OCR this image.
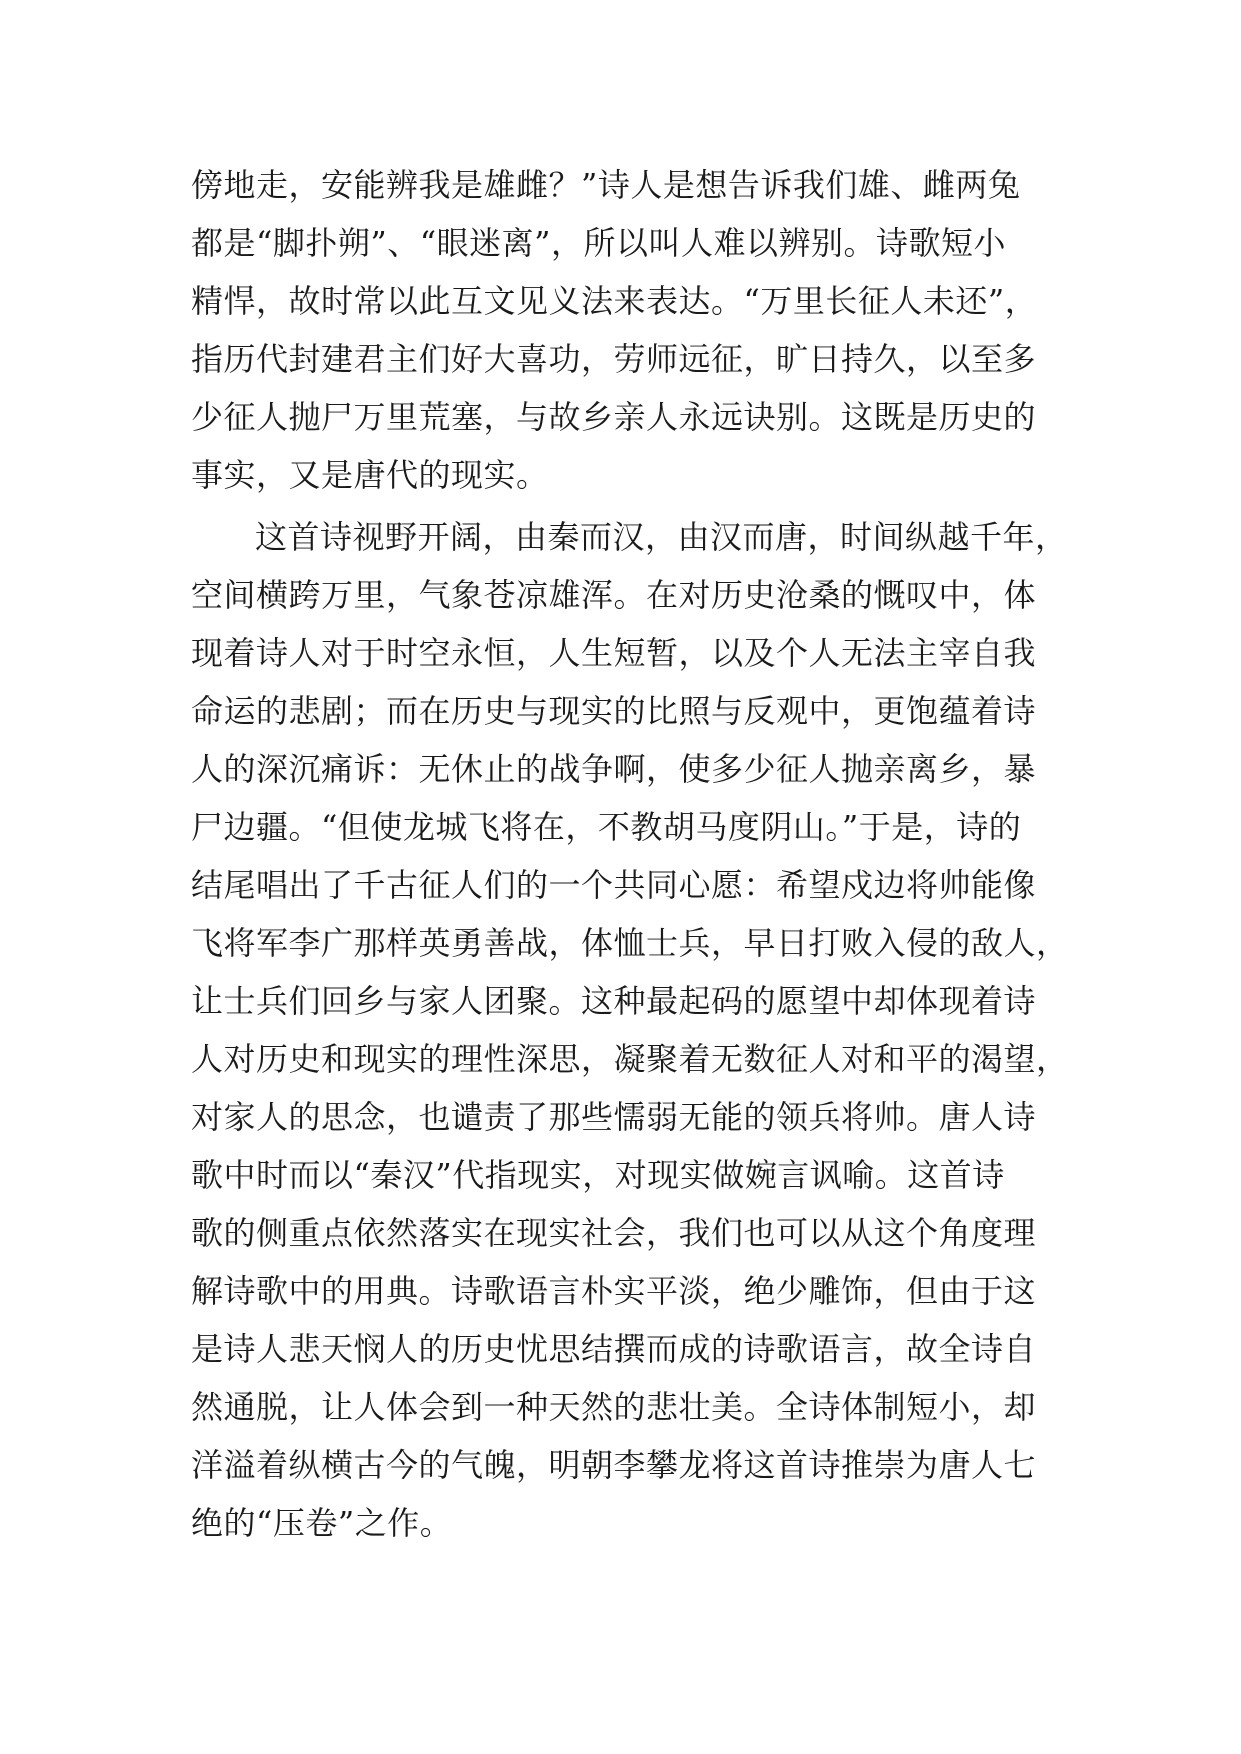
傍地走，安能辨我是雄雌？”诗人是想告诉我们雄、雌两兔
都是“脚扑朔”、“眼迷离”，所以叫人难以辨别。诗歌短小
精悍，故时常以此互文见义法来表达。“万里长征人未还”，
指历代封建君主们好大喜功，劳师远征，旷日持久，以至多
少征人抛尸万里荒塞，与故乡亲人永远诀别。这既是历史的
事实，又是唐代的现实。
这首诗视野开阔，由秦而汉，由汉而唐，时间纵越千年，
空间横跨万里，气象苍凉雄浑。在对历史沧桑的慨叹中，体
现着诗人对于时空永恒，人生短暂，以及个人无法主宰自我
命运的悲剧；而在历史与现实的比照与反观中，更饱蕴着诗
人的深沉痛诉：无休止的战争啊，使多少征人抛亲离乡，暴
尸边疆。“但使龙城飞将在，不教胡马度阴山。”于是，诗的
结尾唱出了千古征人们的一个共同心愿：希望戍边将帅能像
飞将军李广那样英勇善战，体恤士兵，早日打败入侵的敌人，
让士兵们回乡与家人团聚。这种最起码的愿望中却体现着诗
人对历史和现实的理性深思，凝聚着无数征人对和平的渴望，
对家人的思念，也谴责了那些懦弱无能的领兵将帅。唐人诗
歌中时而以“秦汉”代指现实，对现实做婉言讽喻。这首诗
歌的侧重点依然落实在现实社会，我们也可以从这个角度理
解诗歌中的用典。诗歌语言朴实平淡，绝少雕饰，但由于这
是诗人悲天悯人的历史忧思结撰而成的诗歌语言，故全诗自
然通脱，让人体会到一种天然的悲壮美。全诗体制短小，却
洋溢着纵横古今的气魄，明朝李攀龙将这首诗推崇为唐人七
绝的“压卷”之作。
